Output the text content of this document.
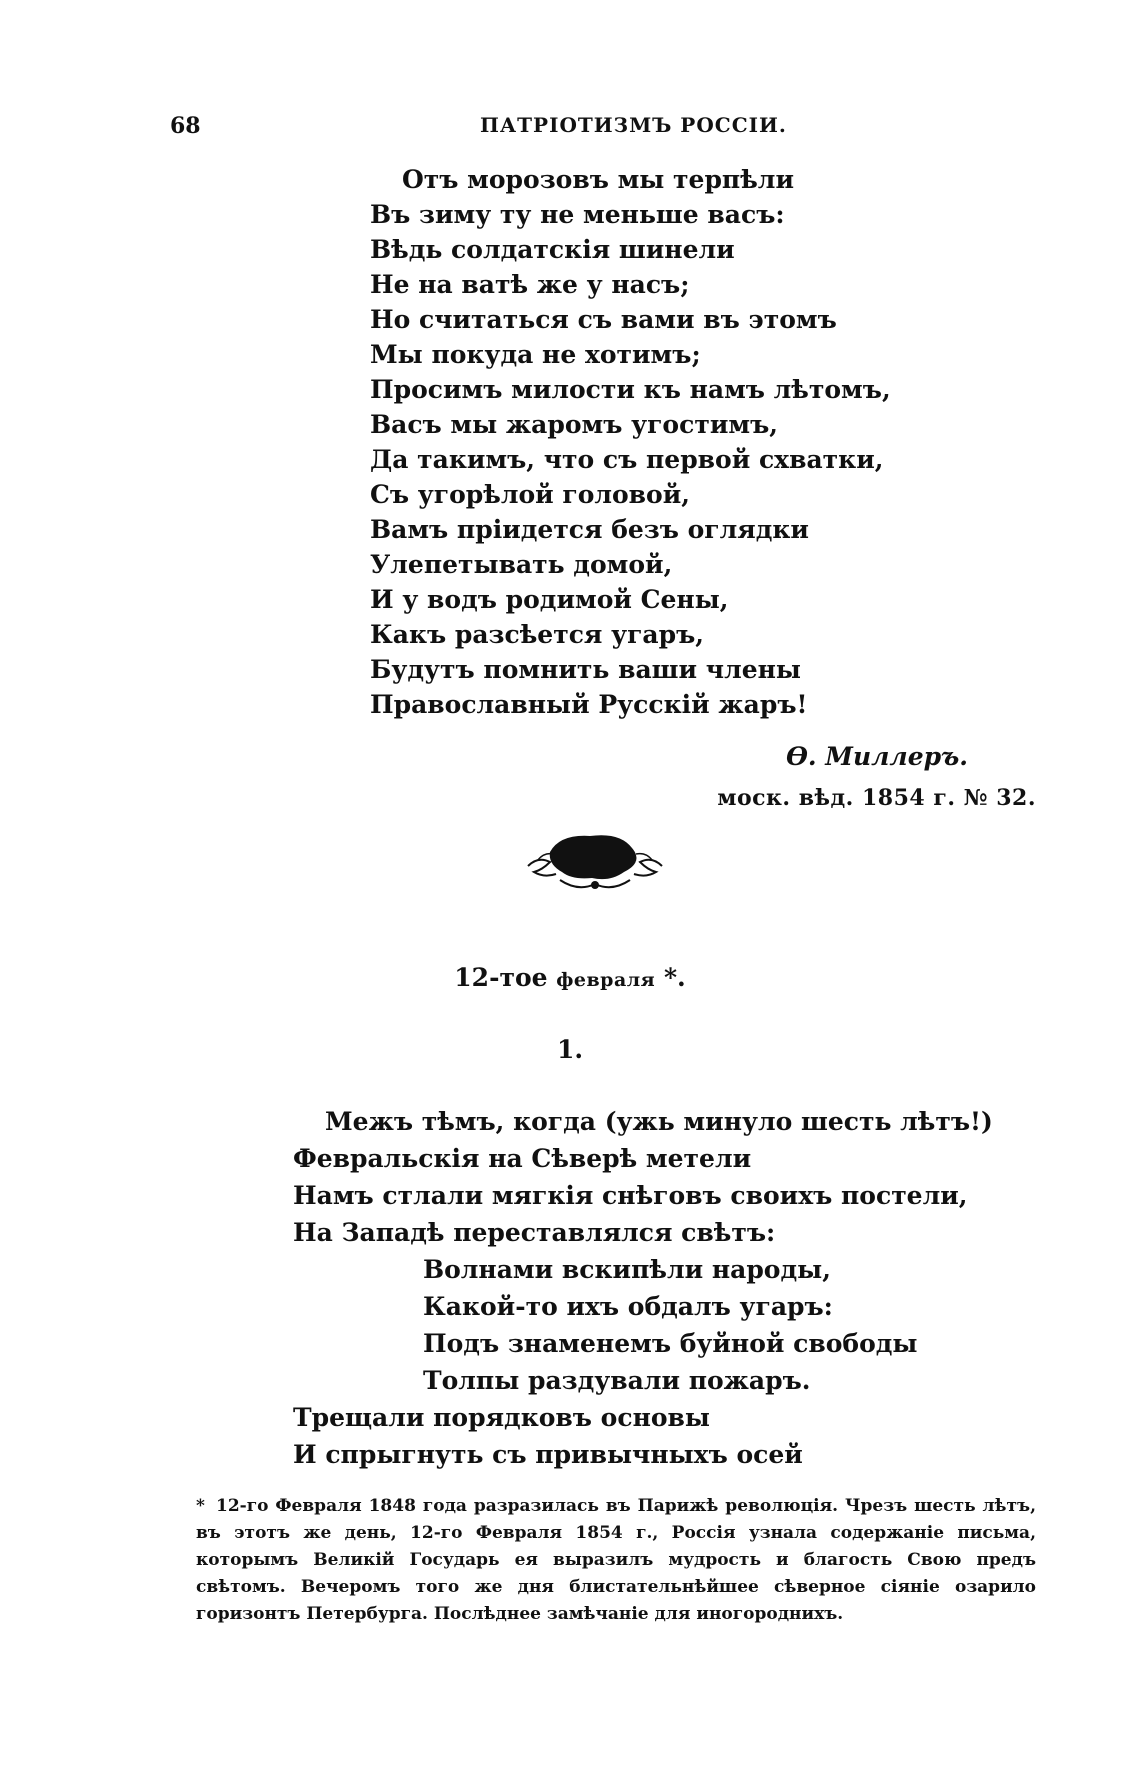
68	ПАТРІОТИЗМЪ РОССІИ.
Отъ морозовъ мы терпѣли
Въ зиму ту не меньше васъ:
Вѣдь солдатскія шинели
Не на ватѣ же у насъ;
Но считаться съ вами въ этомъ
Мы покуда не хотимъ;
Просимъ милости къ намъ лѣтомъ,
Васъ мы жаромъ угостимъ,
Да такимъ, что съ первой схватки,
Съ угорѣлой головой,
Вамъ пріидется безъ оглядки
Улепетывать домой,
И у водъ родимой Сены,
Какъ разсѣется угаръ,
Будутъ помнить ваши члены
Православный Русскій жаръ!
Ѳ. Миллеръ.
моск. вѣд. 1854 г. № 32.
12-тое февраля *.
1.
Межъ тѣмъ, когда (ужь минуло шесть лѣтъ!)
Февральскія на Сѣверѣ метели
Намъ стлали мягкія снѣговъ своихъ постели,
На Западѣ переставлялся свѣтъ:
Волнами вскипѣли народы,
Какой-то ихъ обдалъ угаръ:
Подъ знаменемъ буйной свободы
Толпы раздували пожаръ.
Трещали порядковъ основы
И спрыгнуть съ привычныхъ осей
* 12-го Февраля 1848 года разразилась въ Парижѣ революція. Чрезъ шесть лѣтъ, въ этотъ же день, 12-го Февраля 1854 г., Россія узнала содержаніе письма, которымъ Великій Государь ея выразилъ мудрость и благость Свою предъ свѣтомъ. Вечеромъ того же дня блистательнѣйшее сѣверное сіяніе озарило горизонтъ Петербурга. Послѣднее замѣчаніе для иногороднихъ.
